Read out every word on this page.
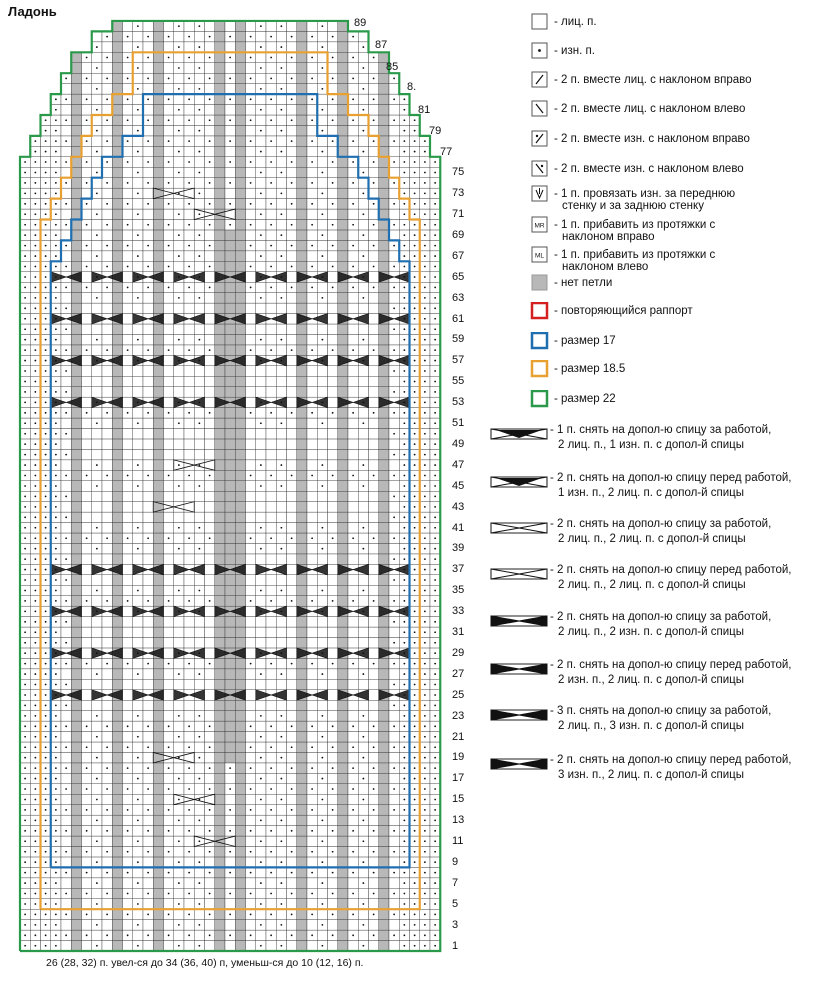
Ладонь
1
3
5
7
9
11
13
15
17
19
21
23
25
27
29
31
33
35
37
39
41
43
45
47
49
51
53
55
57
59
61
63
65
67
69
71
73
75
77
79
81
8.
85
87
89
26 (28, 32) п. увел-ся до 34 (36, 40) п, уменьш-ся до 10 (12, 16) п.
- лиц. п.
- изн. п.
- 2 п. вместе лиц. с наклоном вправо
- 2 п. вместе лиц. с наклоном влево
- 2 п. вместе изн. с наклоном вправо
- 2 п. вместе изн. с наклоном влево
- 1 п. провязать изн. за переднюю
стенку и за заднюю стенку
MR - 1 п. прибавить из протяжки с
наклоном вправо
ML - 1 п. прибавить из протяжки с
наклоном влево
- нет петли
- повторяющийся раппорт
- размер 17
- размер 18.5
- размер 22
- 1 п. снять на допол-ю спицу за работой,
2 лиц. п., 1 изн. п. с допол-й спицы
- 2 п. снять на допол-ю спицу перед работой,
1 изн. п., 2 лиц. п. с допол-й спицы
- 2 п. снять на допол-ю спицу за работой,
2 лиц. п., 2 лиц. п. с допол-й спицы
- 2 п. снять на допол-ю спицу перед работой,
2 лиц. п., 2 лиц. п. с допол-й спицы
- 2 п. снять на допол-ю спицу за работой,
2 лиц. п., 2 изн. п. с допол-й спицы
- 2 п. снять на допол-ю спицу перед работой,
2 изн. п., 2 лиц. п. с допол-й спицы
- 3 п. снять на допол-ю спицу за работой,
2 лиц. п., 3 изн. п. с допол-й спицы
- 2 п. снять на допол-ю спицу перед работой,
3 изн. п., 2 лиц. п. с допол-й спицы
